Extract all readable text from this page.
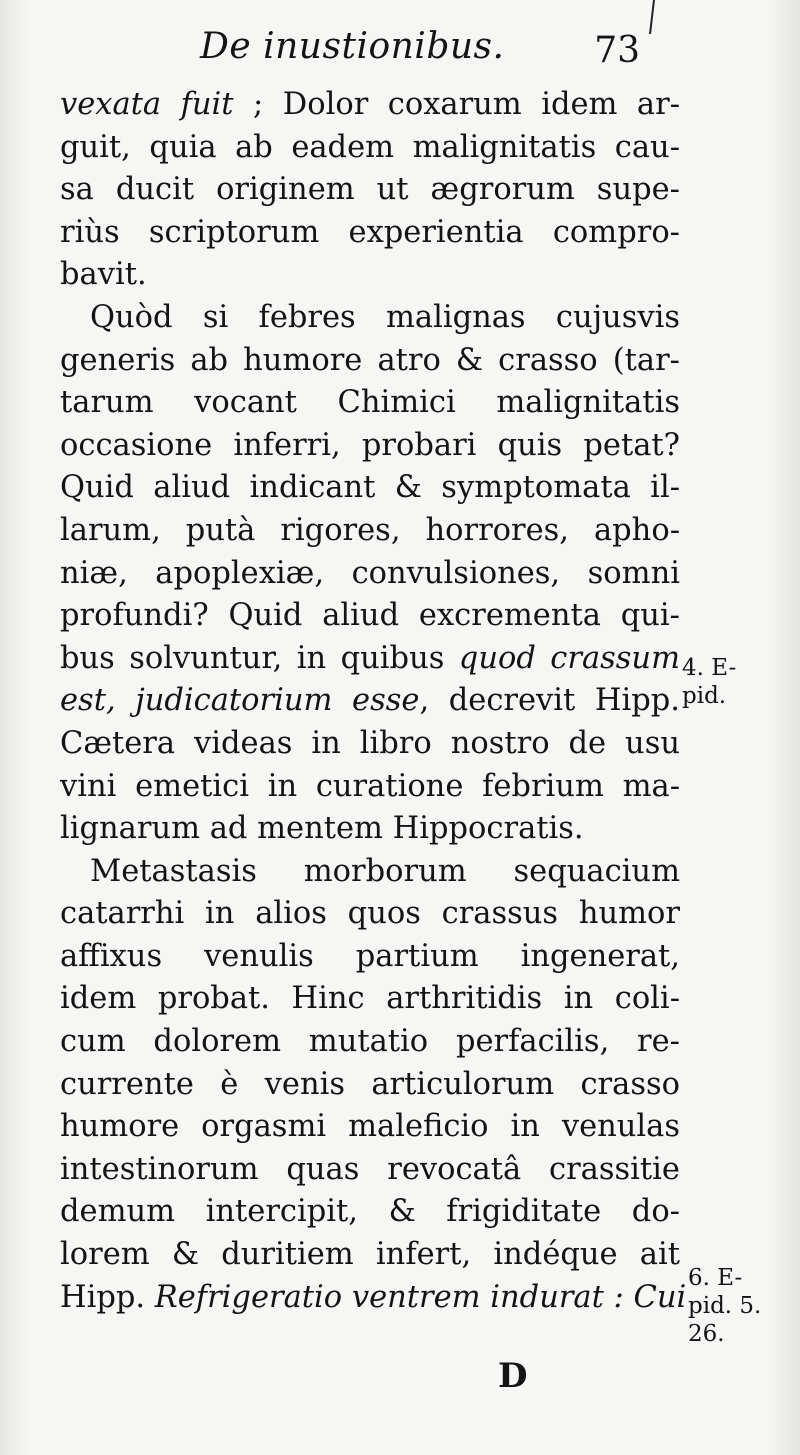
De inustionibus. 73
vexata fuit ; Dolor coxarum idem ar-
guit, quia ab eadem malignitatis cau-
sa ducit originem ut ægrorum supe-
riùs scriptorum experientia compro-
bavit.
Quòd si febres malignas cujusvis
generis ab humore atro & crasso (tar-
tarum vocant Chimici malignitatis
occasione inferri, probari quis petat?
Quid aliud indicant & symptomata il-
larum, putà rigores, horrores, apho-
niæ, apoplexiæ, convulsiones, somni
profundi? Quid aliud excrementa qui-
bus solvuntur, in quibus quod crassum
est, judicatorium esse, decrevit Hipp.
Cætera videas in libro nostro de usu
vini emetici in curatione febrium ma-
lignarum ad mentem Hippocratis.
Metastasis morborum sequacium
catarrhi in alios quos crassus humor
affixus venulis partium ingenerat,
idem probat. Hinc arthritidis in coli-
cum dolorem mutatio perfacilis, re-
currente è venis articulorum crasso
humore orgasmi maleficio in venulas
intestinorum quas revocatâ crassitie
demum intercipit, & frigiditate do-
lorem & duritiem infert, indéque ait
Hipp. Refrigeratio ventrem indurat : Cui
4. E-
pid.
6. E-
pid. 5.
26.
D
